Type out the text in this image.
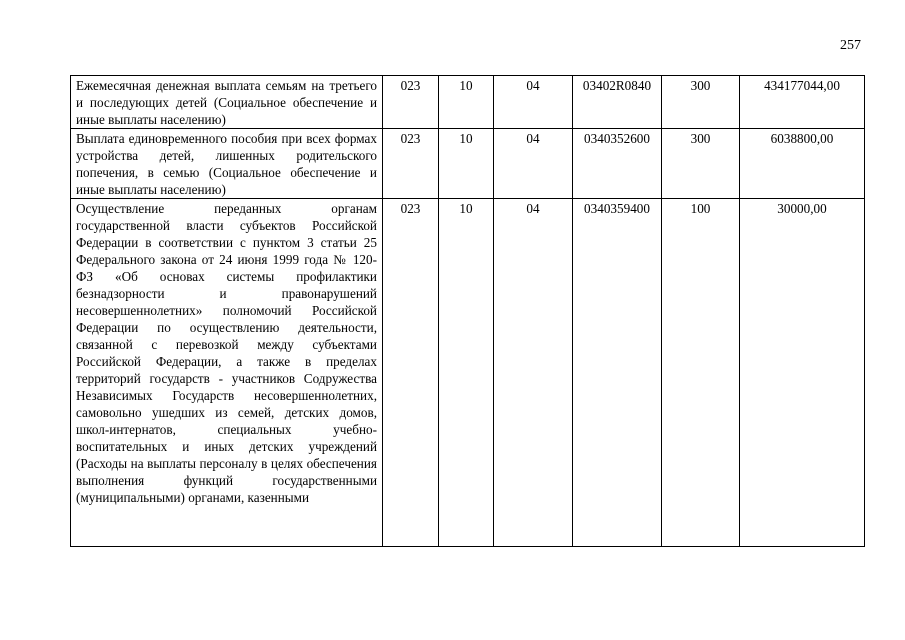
257
Ежемесячная денежная выплата семьям на третьего и последующих детей (Социальное обеспечение и иные выплаты населению)	023	10	04	03402R0840	300	434177044,00
Выплата единовременного пособия при всех формах устройства детей, лишенных родительского попечения, в семью (Социальное обеспечение и иные выплаты населению)	023	10	04	0340352600	300	6038800,00
Осуществление переданных органам государственной власти субъектов Российской Федерации в соответствии с пунктом 3 статьи 25 Федерального закона от 24 июня 1999 года № 120-ФЗ «Об основах системы профилактики безнадзорности и правонарушений несовершеннолетних» полномочий Российской Федерации по осуществлению деятельности, связанной с перевозкой между субъектами Российской Федерации, а также в пределах территорий государств - участников Содружества Независимых Государств несовершеннолетних, самовольно ушедших из семей, детских домов, школ-интернатов, специальных учебно-воспитательных и иных детских учреждений (Расходы на выплаты персоналу в целях обеспечения выполнения функций государственными (муниципальными) органами, казенными	023	10	04	0340359400	100	30000,00
